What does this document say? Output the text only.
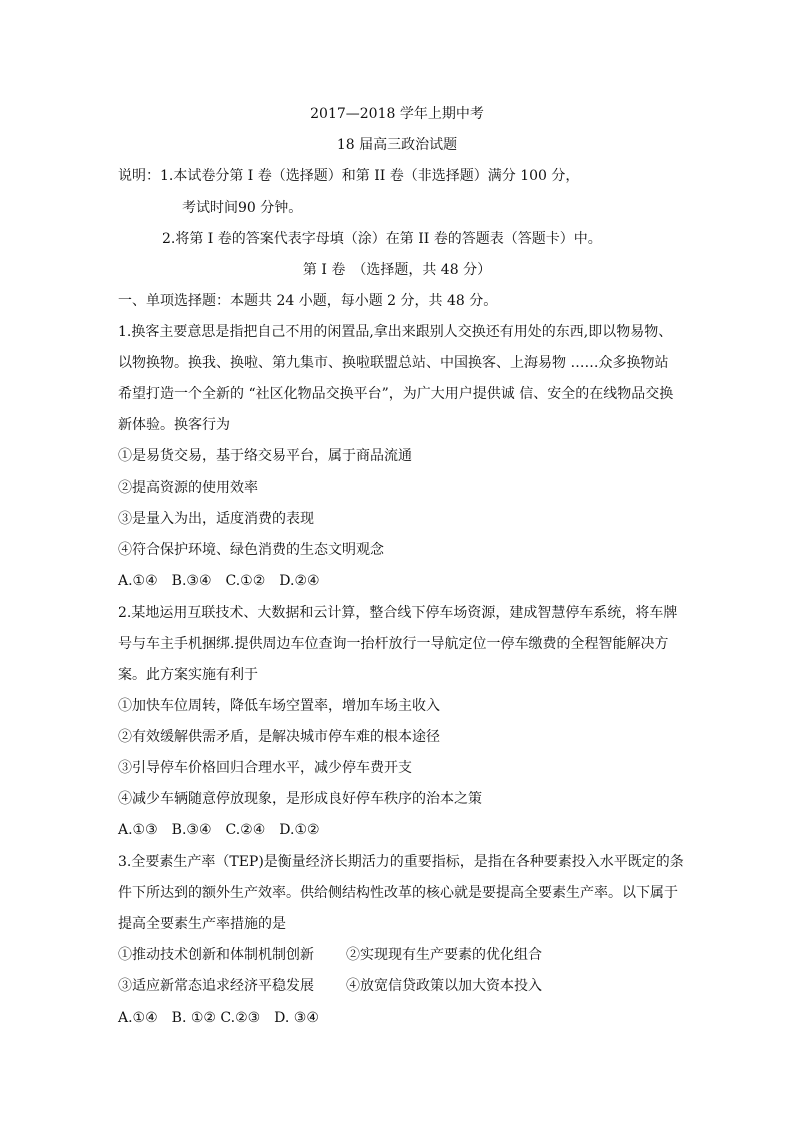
2017—2018 学年上期中考
18 届高三政治试题
说明：1.本试卷分第 I 卷（选择题）和第 II 卷（非选择题）满分 100 分，
考试时间90 分钟。
2.将第 I 卷的答案代表字母填（涂）在第 II 卷的答题表（答题卡）中。
第 I 卷　（选择题，共 48 分）
一、单项选择题：本题共 24 小题，每小题 2 分，共 48 分。
1.换客主要意思是指把自己不用的闲置品,拿出来跟别人交换还有用处的东西,即以物易物、
以物换物。换我、换啦、第九集市、换啦联盟总站、中国换客、上海易物 ……众多换物站
希望打造一个全新的 “社区化物品交换平台”，为广大用户提供诚 信、安全的在线物品交换
新体验。换客行为
①是易货交易，基于络交易平台，属于商品流通
②提高资源的使用效率
③是量入为出，适度消费的表现
④符合保护环境、绿色消费的生态文明观念
A.①④　B.③④　C.①②　D.②④
2.某地运用互联技术、大数据和云计算，整合线下停车场资源，建成智慧停车系统，将车牌
号与车主手机捆绑.提供周边车位查询一抬杆放行一导航定位一停车缴费的全程智能解决方
案。此方案实施有利于
①加快车位周转，降低车场空置率，增加车场主收入
②有效缓解供需矛盾，是解决城市停车难的根本途径
③引导停车价格回归合理水平，减少停车费开支
④减少车辆随意停放现象，是形成良好停车秩序的治本之策
A.①③　B.③④　C.②④　D.①②
3.全要素生产率（TEP)是衡量经济长期活力的重要指标，是指在各种要素投入水平既定的条
件下所达到的额外生产效率。供给侧结构性改革的核心就是要提高全要素生产率。以下属于
提高全要素生产率措施的是
①推动技术创新和体制机制创新 ②实现现有生产要素的优化组合
③适应新常态追求经济平稳发展 ④放宽信贷政策以加大资本投入
A.①④　B. ①② C.②③　D. ③④
